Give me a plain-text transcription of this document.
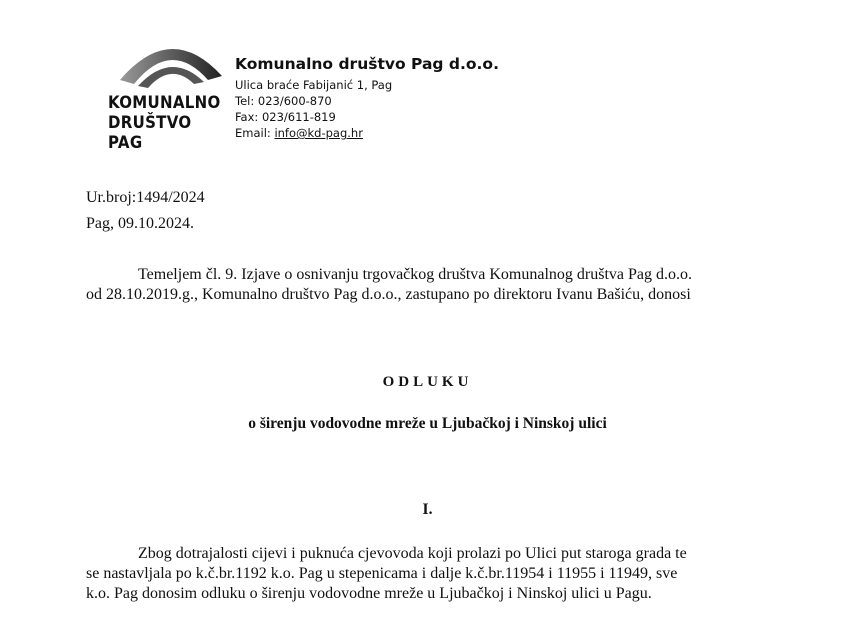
KOMUNALNO
DRUŠTVO
PAG
Komunalno društvo Pag d.o.o.
Ulica braće Fabijanić 1, Pag
Tel: 023/600-870
Fax: 023/611-819
Email: info@kd-pag.hr
Ur.broj:1494/2024
Pag, 09.10.2024.
Temeljem čl. 9. Izjave o osnivanju trgovačkog društva Komunalnog društva Pag d.o.o.
od 28.10.2019.g., Komunalno društvo Pag d.o.o., zastupano po direktoru Ivanu Bašiću, donosi
ODLUKU
o širenju vodovodne mreže u Ljubačkoj i Ninskoj ulici
I.
Zbog dotrajalosti cijevi i puknuća cjevovoda koji prolazi po Ulici put staroga grada te
se nastavljala po k.č.br.1192 k.o. Pag u stepenicama i dalje k.č.br.11954 i 11955 i 11949, sve
k.o. Pag donosim odluku o širenju vodovodne mreže u Ljubačkoj i Ninskoj ulici u Pagu.
